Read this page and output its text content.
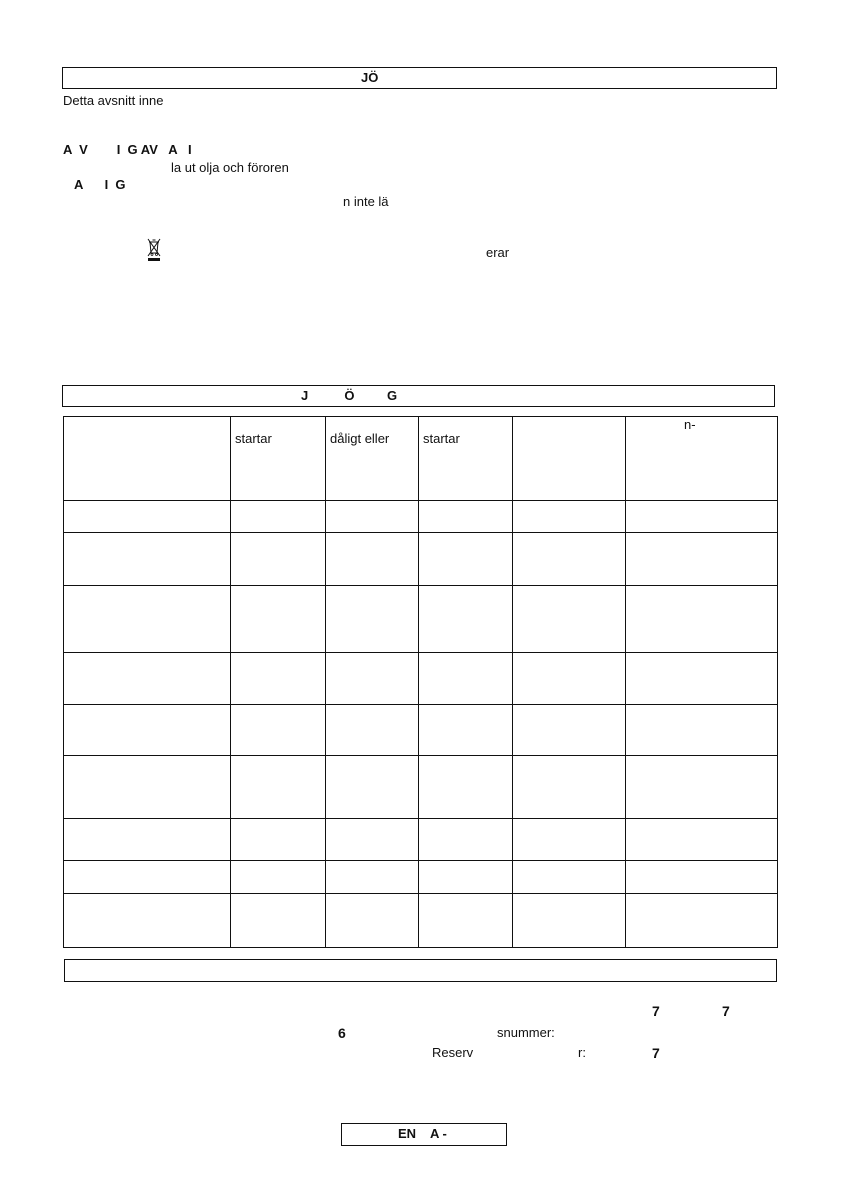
JÖ
Detta avsnitt inne
A  V        I  G AV   A   I
la ut olja och föroren
A      I  G
n inte lä
erar
J          Ö         G
	startar	dåligt eller	startar		n-

7	7
6	snummer:
Reserv	r:	7
EN    A -
